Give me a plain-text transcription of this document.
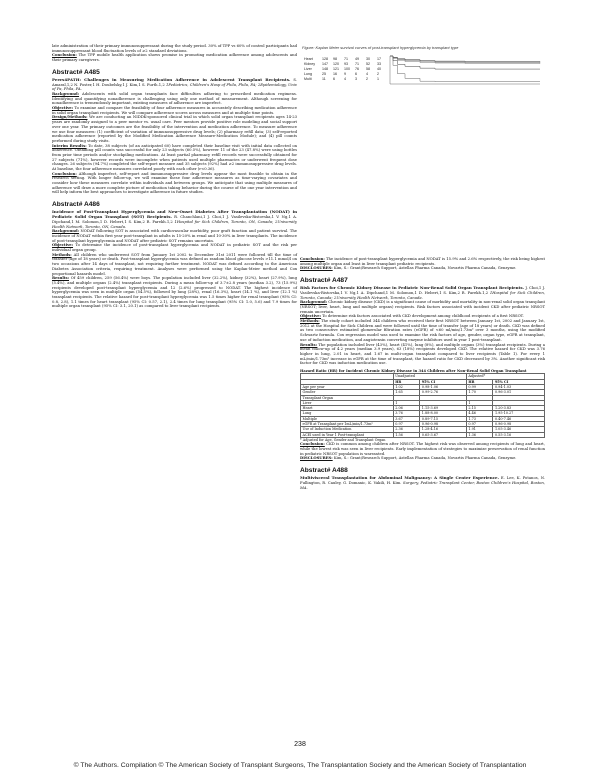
late administration of their primary immunosuppressant during the study period. 30% of TPP vs 60% of control participants had immunosuppressant blood fluctuation levels of ≥2 standard deviations.
Conclusion: The TPP mobile health application shows promise in promoting medication adherence among adolescents and their primary caregivers.

Abstract# A485

Peers4PATH: Challenges in Measuring Medication Adherence in Adolescent Transplant Recipients. S. Amaral,1,2 N. Foster,1 H. Doubelsky,1 J. Kim,1 S. Furth.1,2 1Pediatrics, Children's Hosp of Phila, Phila, PA; 2Epidemiology, Univ of Pa, Phila, PA.
Background: Adolescents with solid organ transplants face difficulties adhering to prescribed medication regimens. Identifying and quantifying nonadherence is challenging using only one method of measurement. Although screening for nonadherence is tremendously important, existing measures of adherence are imperfect.
Objective: To examine and compare the feasibility of four adherence measures in accurately describing medication adherence in solid organ transplant recipients. We will compare adherence scores across measures and at multiple time points.
Design/Methods: We are conducting an NIDDK-sponsored clinical trial in which solid organ transplant recipients ages 14-23 years are randomly assigned to a peer mentor vs. usual care. Peer mentors provide positive role modeling and social support over one year. The primary outcomes are the feasibility of the intervention and medication adherence. To measure adherence we use four measures: (1) coefficient of variation of immunosuppressive drug levels; (2) pharmacy refill data; (3) self-reported medication adherence (reported by the Modified Medication Adherence Measure-Medication Module); and (4) pill counts performed during study visits.
Interim Results: To date, 38 subjects (of an anticipated 60) have completed their baseline visit with initial data collected on adherence. Obtaining pill counts was successful for only 23 subjects (60.5%), however 11 of the 23 (47.8%) were using bottles from prior time periods and/or stockpiling medications. At least partial pharmacy refill records were successfully obtained for 27 subjects (71%), however records were incomplete when patients used multiple pharmacies or underwent frequent dose changes. 26 subjects (94.7%) completed the self-report measure and 35 subjects (92%) had ≥2 immunosuppressive drug levels. At baseline, the four adherence measures correlated poorly with each other (r<0.36).
Conclusion: Although imperfect, self-report and immunosuppressive drug levels appear the most feasible to obtain in the research setting. With longer follow-up, we will examine these four adherence measures as time-varying covariates and consider how these measures correlate within individuals and between groups. We anticipate that using multiple measures of adherence will draw a more complete picture of medication taking behavior during the course of the one year intervention and will help inform the best approaches to investigate adherence in future studies.

Abstract# A486

Incidence of Post-Transplant Hyperglycemia and New-Onset Diabetes After Transplantation (NODAT) in Pediatric Solid Organ Transplant (SOT) Recipients. R. Chanchlani,1 J. Choi,1 J. Vasilevska-Ristovska,1 V. Ng,1 A. Dipchand,1 M. Solomon,1 D. Hebert,1 S. Kim,2 R. Parekh.1,2 1Hospital for Sick Children, Toronto, ON, Canada; 2University Health Network, Toronto, ON, Canada.
Background: NODAT following SOT is associated with cardiovascular morbidity, poor graft function and patient survival. The incidence of NODAT within first year post-transplant in adults is 15-20% in renal and 10-30% in liver transplants. The incidence of post-transplant hyperglycemia and NODAT after pediatric SOT remains uncertain.
Objective: To determine the incidence of post-transplant hyperglycemia and NODAT in pediatric SOT and the risk per individual organ group.
Methods: All children who underwent SOT from January 1st 2002 to December 31st 2011 were followed till the time of transfer (age of 18 years) or death. Post-transplant hyperglycemia was defined as random blood glucose levels >11.1 mmol/l on two occasions after 14 days of transplant, not requiring further treatment. NODAT was defined according to the American Diabetes Association criteria, requiring treatment. Analyses were performed using the Kaplan-Meier method and Cox proportional hazards model.
Results: Of 459 children, 259 (56.4%) were boys. The population included liver (32.2%), kidney (32%), heart (27.9%), lung (5.4%), and multiple organs (2.4%) transplant recipients. During a mean follow-up of 3.7±2.8 years (median 3.2), 73 (15.9%) recipients developed post-transplant hyperglycemia and 12 (2.6%) progressed to NODAT. The highest incidence of hyperglycemia was seen in multiple organ (54.5%), followed by lung (28%), renal (16.3%), heart (14.1 %), and liver (12.1 %) transplant recipients. The relative hazard for post-transplant hyperglycemia was 1.5 times higher for renal transplant (95% CI: 0.8, 2.8), 1.1 times for heart transplant (95% CI: 0.57, 2.1), 2.4 times for lung transplant (95% CI: 1.0, 5.6) and 7.9 times for multiple organ transplant (95% CI: 3.1, 20.1) as compared to liver transplant recipients.

Figure: Kaplan Meier survival curves of post-transplant hyperglycemia by transplant type
Heart	128 98 71 49 30 17
Kidney 147 120 93 71 52 33
Liver	148 121 100 76 58 40
Lung	25 16 9	6	4	2
Multi	11 6	4	3	2	1

Conclusion: The incidence of post-transplant hyperglycemia and NODAT is 15.9% and 2.6% respectively, the risk being highest among multiple organ and least in liver transplant pediatric recipients.
DISCLOSURES: Kim, S.: Grant/Research Support, Astellas Pharma Canada, Novartis Pharma Canada, Genzyme.

Abstract# A487

Risk Factors for Chronic Kidney Disease in Pediatric Non-Renal Solid Organ Transplant Recipients. J. Choi,1 J. Vasilevska-Ristovska,1 V. Ng,1 A. Dipchand,1 M. Solomon,1 D. Hebert,1 S. Kim,2 R. Parekh.1,2 1Hospital for Sick Children, Toronto, Canada; 2University Health Network, Toronto, Canada.
Background: Chronic kidney disease (CKD) is a significant cause of morbidity and mortality in non-renal solid organ transplant (NRSOT; liver, heart, lung and multiple organs) recipients. Risk factors associated with incident CKD after pediatric NRSOT remain uncertain.
Objective: To determine risk factors associated with CKD development among childhood recipients of a first NRSOT.
Methods: The study cohort included 344 children who received their first NRSOT between January 1st, 2002 and January 1st, 2012 at the Hospital for Sick Children and were followed until the time of transfer (age of 18 years) or death. CKD was defined as two consecutive estimated glomerular filtration rates (eGFR) of <60 ml/min/1.73m² over 3 months, using the modified Schwartz formula. Cox regression model was used to examine the risk factors of age, gender, organ type, eGFR at transplant, use of induction medication, and angiotensin converting enzyme inhibitors used in year 1 post-transplant.
Results: The population included liver (43%), heart (41%), lung (8%), and multiple organs (3%) transplant recipients. During a mean follow-up of 4.2 years (median 3.9 years), 63 (18%) recipients developed CKD. The relative hazard for CKD was 3.76 higher in lung, 2.01 in heart, and 1.67 in multi-organ transplant compared to liver recipients (Table 1). For every 1 mL/min/1.73m² increase in eGFR at the time of transplant, the hazard ratio for CKD decreased by 3%. Another significant risk factor for CKD was induction medication use.

Hazard Ratio (HR) for Incident Chronic Kidney Disease in 344 Children after Non-Renal Solid Organ Transplant
	Unadjusted		Adjusted*	
	HR	95% CI	HR	95% CI
Age per year	1.02	0.98-1.06	0.99	0.94-1.03
Gender	1.65	0.99-2.76	1.70	0.96-3.01
Transplant Organ				
Liver	1		1	
Heart	2.06	1.15-3.69	2.15	1.20-3.83
Lung	3.76	1.88-8.00	4.46	1.95-10.27
Multiple	3.67	0.89-7.15	1.73	0.40-7.46
eGFR at Transplant per 1mL/min/1.73m²	0.97	0.96-0.98	0.97	0.96-0.98
Use of Induction Medication	2.36	1.28-4.16	1.91	1.05-3.46
ACEI used in Year 1 Post-transplant	1.56	0.65-3.67	1.36	0.55-3.16
* Adjusted for Age, Gender and Transplant Organ

Conclusion: CKD is common among children after NRSOT. The highest risk was observed among recipients of lung and heart, while the lowest risk was seen in liver recipients. Early implementation of strategies to maximize preservation of renal function in pediatric NRSOT population is warranted.
DISCLOSURES: Kim, S.: Grant/Research Support, Astellas Pharma Canada, Novartis Pharma Canada, Genzyme.

Abstract# A488

Multivisceral Transplantation for Abdominal Malignancy: A Single Center Experience. E. Lee, K. Potanos, N. Fullington, R. Cauley, G. Domanic, K. Vakili, H. Kim. Surgery, Pediatric Transplant Center, Boston Children's Hospital, Boston, MA.

238
© The Authors. Compilation © The American Society of Transplant Surgeons, The Transplantation Society and the American Society of Transplantation
